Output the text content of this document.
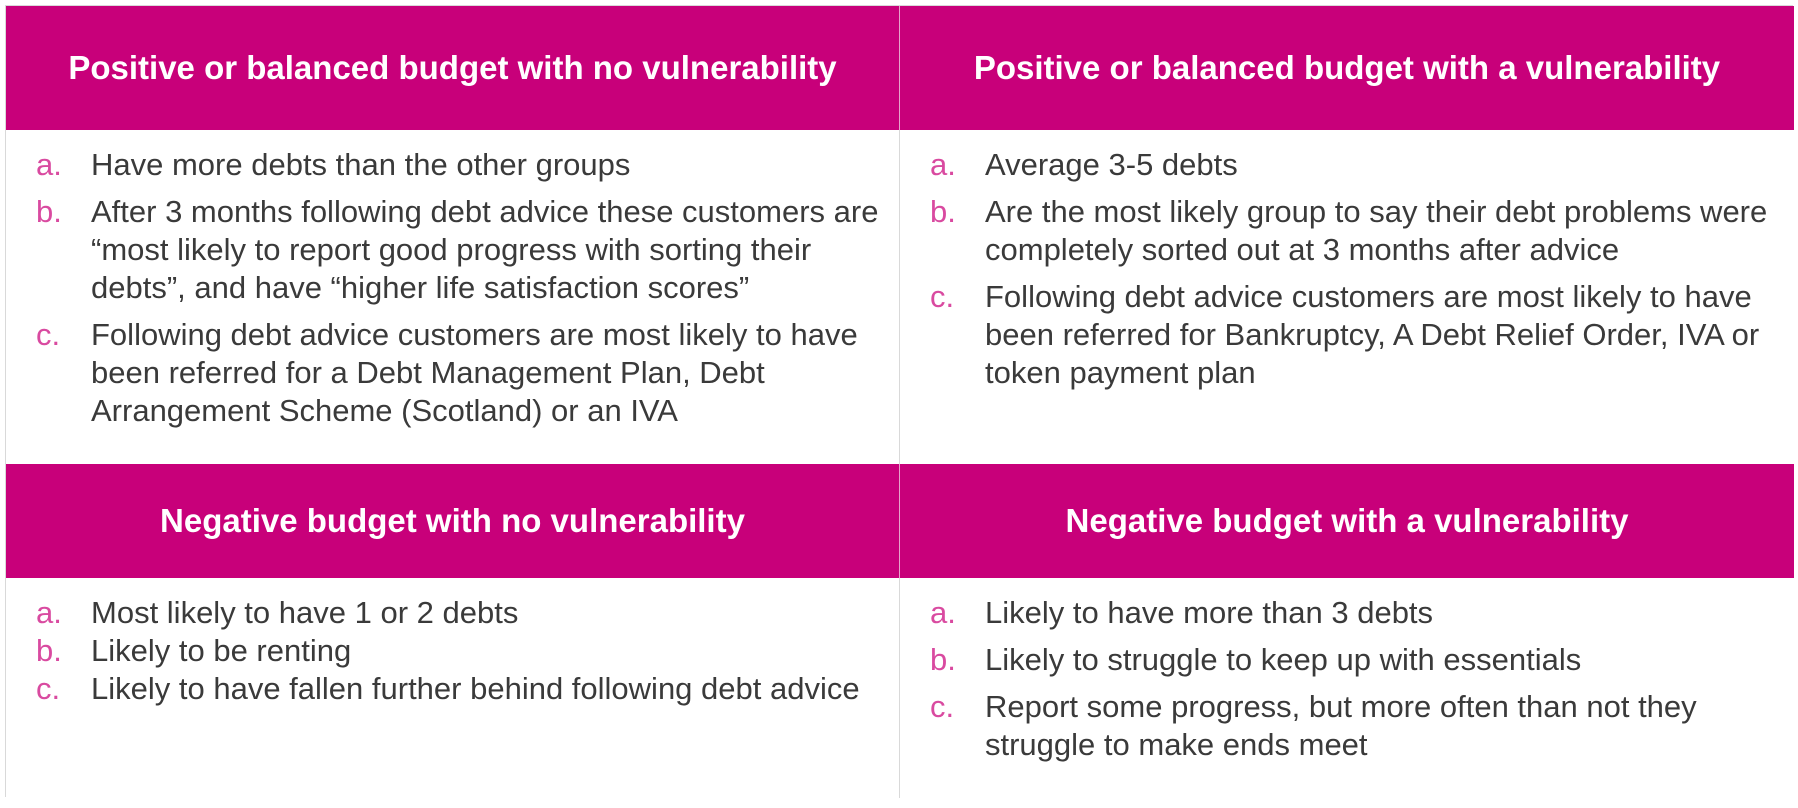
Positive or balanced budget with no vulnerability	Positive or balanced budget with a vulnerability
a. Have more debts than the other groups
b. After 3 months following debt advice these customers are “most likely to report good progress with sorting their debts”, and have “higher life satisfaction scores”
c. Following debt advice customers are most likely to have been referred for a Debt Management Plan, Debt Arrangement Scheme (Scotland) or an IVA
a. Average 3-5 debts
b. Are the most likely group to say their debt problems were completely sorted out at 3 months after advice
c. Following debt advice customers are most likely to have been referred for Bankruptcy, A Debt Relief Order, IVA or token payment plan
Negative budget with no vulnerability	Negative budget with a vulnerability
a. Most likely to have 1 or 2 debts
b. Likely to be renting
c. Likely to have fallen further behind following debt advice
a. Likely to have more than 3 debts
b. Likely to struggle to keep up with essentials
c. Report some progress, but more often than not they struggle to make ends meet
